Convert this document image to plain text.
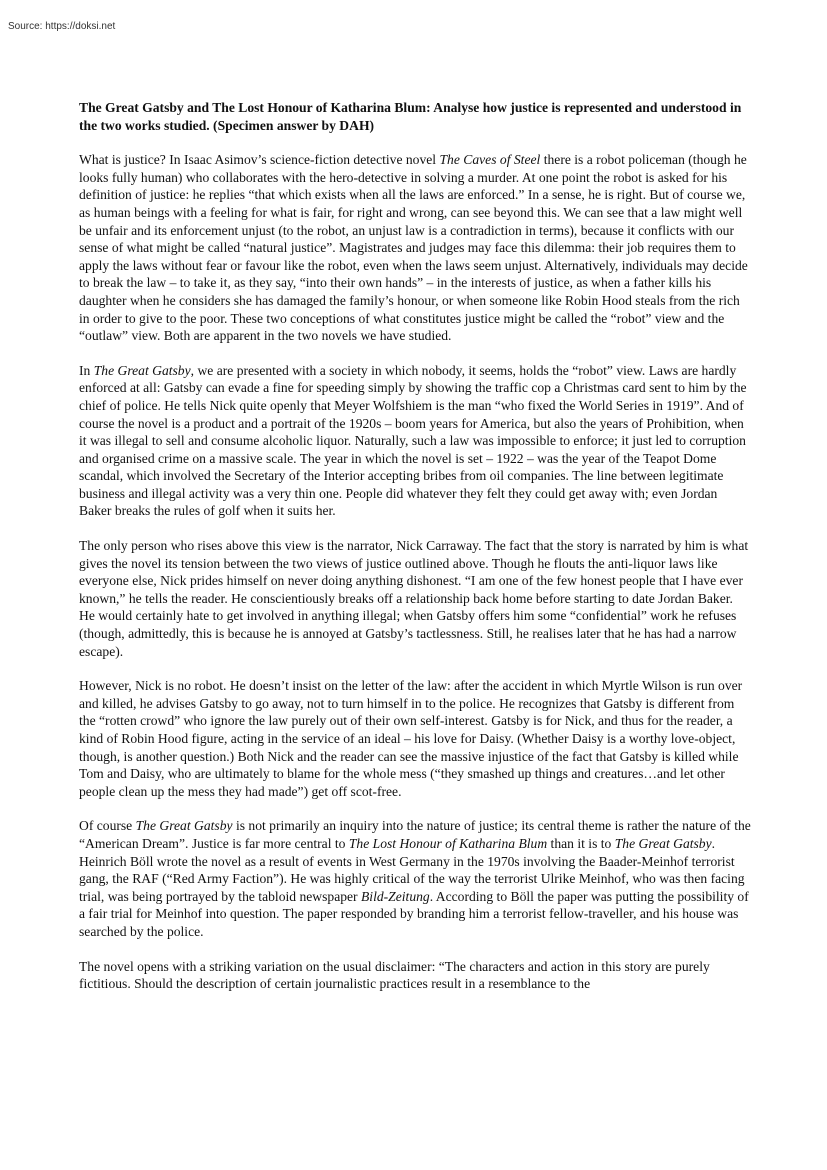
Source: https://doksi.net

The Great Gatsby and The Lost Honour of Katharina Blum: Analyse how justice is represented and understood in the two works studied. (Specimen answer by DAH)

What is justice? In Isaac Asimov’s science-fiction detective novel The Caves of Steel there is a robot policeman (though he looks fully human) who collaborates with the hero-detective in solving a murder. At one point the robot is asked for his definition of justice: he replies “that which exists when all the laws are enforced.” In a sense, he is right. But of course we, as human beings with a feeling for what is fair, for right and wrong, can see beyond this. We can see that a law might well be unfair and its enforcement unjust (to the robot, an unjust law is a contradiction in terms), because it conflicts with our sense of what might be called “natural justice”. Magistrates and judges may face this dilemma: their job requires them to apply the laws without fear or favour like the robot, even when the laws seem unjust. Alternatively, individuals may decide to break the law – to take it, as they say, “into their own hands” – in the interests of justice, as when a father kills his daughter when he considers she has damaged the family’s honour, or when someone like Robin Hood steals from the rich in order to give to the poor. These two conceptions of what constitutes justice might be called the “robot” view and the “outlaw” view. Both are apparent in the two novels we have studied.

In The Great Gatsby, we are presented with a society in which nobody, it seems, holds the “robot” view. Laws are hardly enforced at all: Gatsby can evade a fine for speeding simply by showing the traffic cop a Christmas card sent to him by the chief of police. He tells Nick quite openly that Meyer Wolfshiem is the man “who fixed the World Series in 1919”. And of course the novel is a product and a portrait of the 1920s – boom years for America, but also the years of Prohibition, when it was illegal to sell and consume alcoholic liquor. Naturally, such a law was impossible to enforce; it just led to corruption and organised crime on a massive scale. The year in which the novel is set – 1922 – was the year of the Teapot Dome scandal, which involved the Secretary of the Interior accepting bribes from oil companies. The line between legitimate business and illegal activity was a very thin one. People did whatever they felt they could get away with; even Jordan Baker breaks the rules of golf when it suits her.

The only person who rises above this view is the narrator, Nick Carraway. The fact that the story is narrated by him is what gives the novel its tension between the two views of justice outlined above. Though he flouts the anti-liquor laws like everyone else, Nick prides himself on never doing anything dishonest. “I am one of the few honest people that I have ever known,” he tells the reader. He conscientiously breaks off a relationship back home before starting to date Jordan Baker. He would certainly hate to get involved in anything illegal; when Gatsby offers him some “confidential” work he refuses (though, admittedly, this is because he is annoyed at Gatsby’s tactlessness. Still, he realises later that he has had a narrow escape).

However, Nick is no robot. He doesn’t insist on the letter of the law: after the accident in which Myrtle Wilson is run over and killed, he advises Gatsby to go away, not to turn himself in to the police. He recognizes that Gatsby is different from the “rotten crowd” who ignore the law purely out of their own self-interest. Gatsby is for Nick, and thus for the reader, a kind of Robin Hood figure, acting in the service of an ideal – his love for Daisy. (Whether Daisy is a worthy love-object, though, is another question.) Both Nick and the reader can see the massive injustice of the fact that Gatsby is killed while Tom and Daisy, who are ultimately to blame for the whole mess (“they smashed up things and creatures…and let other people clean up the mess they had made”) get off scot-free.

Of course The Great Gatsby is not primarily an inquiry into the nature of justice; its central theme is rather the nature of the “American Dream”. Justice is far more central to The Lost Honour of Katharina Blum than it is to The Great Gatsby. Heinrich Böll wrote the novel as a result of events in West Germany in the 1970s involving the Baader-Meinhof terrorist gang, the RAF (“Red Army Faction”). He was highly critical of the way the terrorist Ulrike Meinhof, who was then facing trial, was being portrayed by the tabloid newspaper Bild-Zeitung. According to Böll the paper was putting the possibility of a fair trial for Meinhof into question. The paper responded by branding him a terrorist fellow-traveller, and his house was searched by the police.

The novel opens with a striking variation on the usual disclaimer: “The characters and action in this story are purely fictitious. Should the description of certain journalistic practices result in a resemblance to the
